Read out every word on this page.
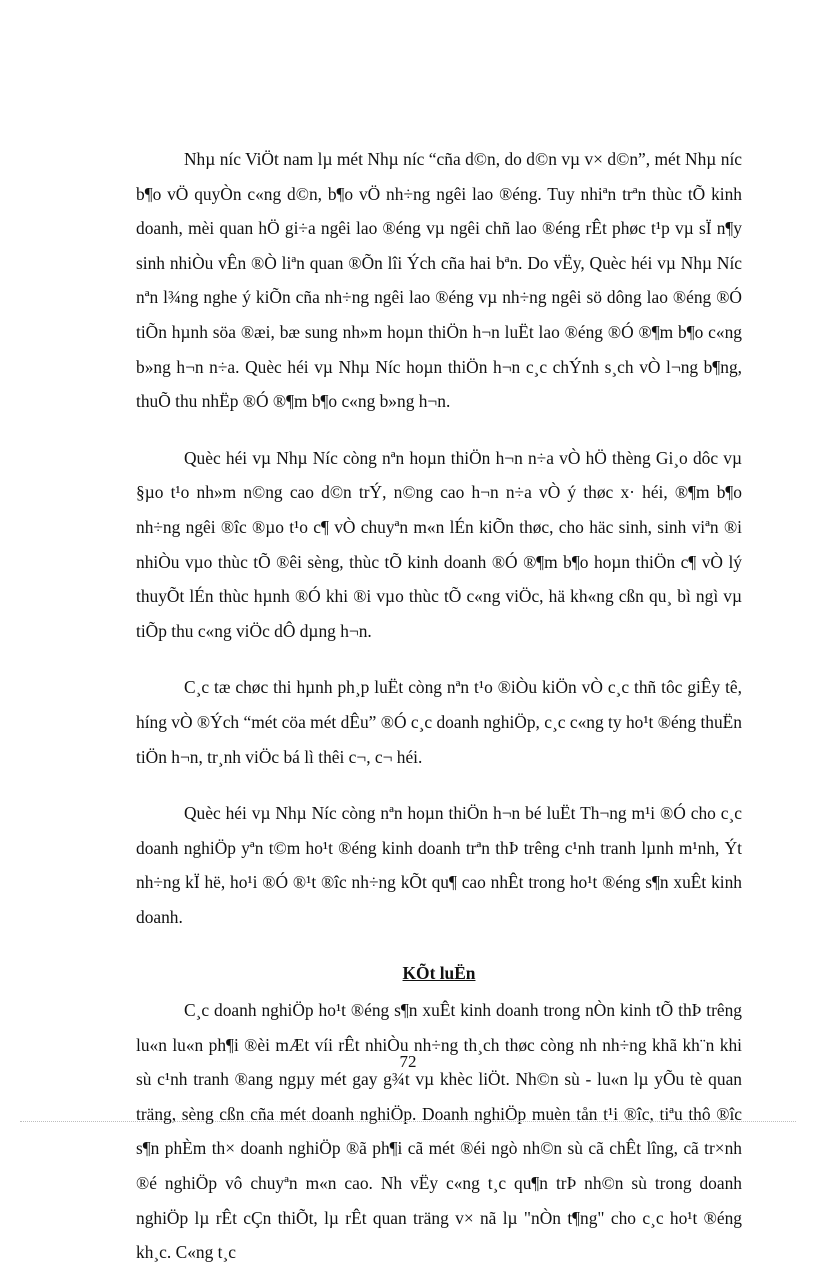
Nhµ níc ViÖt nam lµ mét Nhµ níc “cña d©n, do d©n vµ v× d©n”, mét Nhµ níc b¶o vÖ quyÒn c«ng d©n, b¶o vÖ nh÷ng ngêi lao ®éng. Tuy nhiªn trªn thùc tÕ kinh doanh, mèi quan hÖ gi÷a ngêi lao ®éng vµ ngêi chñ lao ®éng rÊt phøc t¹p vµ sÏ n¶y sinh nhiÒu vÊn ®Ò liªn quan ®Õn lîi Ých cña hai bªn. Do vËy, Quèc héi vµ Nhµ Níc nªn l¾ng nghe ý kiÕn cña nh÷ng ngêi lao ®éng vµ nh÷ng ngêi sö dông lao ®éng ®Ó tiÕn hµnh söa ®æi, bæ sung nh»m hoµn thiÖn h¬n luËt lao ®éng ®Ó ®¶m b¶o c«ng b»ng h¬n n÷a. Quèc héi vµ Nhµ Níc hoµn thiÖn h¬n c¸c chÝnh s¸ch vÒ l¬ng b¶ng, thuÕ thu nhËp ®Ó ®¶m b¶o c«ng b»ng h¬n.

Quèc héi vµ Nhµ Níc còng nªn hoµn thiÖn h¬n n÷a vÒ hÖ thèng Gi¸o dôc vµ §µo t¹o nh»m n©ng cao d©n trÝ, n©ng cao h¬n n÷a vÒ ý thøc x· héi, ®¶m b¶o nh÷ng ngêi ®îc ®µo t¹o c¶ vÒ chuyªn m«n lÉn kiÕn thøc, cho häc sinh, sinh viªn ®i nhiÒu vµo thùc tÕ ®êi sèng, thùc tÕ kinh doanh ®Ó ®¶m b¶o hoµn thiÖn c¶ vÒ lý thuyÕt lÉn thùc hµnh ®Ó khi ®i vµo thùc tÕ c«ng viÖc, hä kh«ng cßn qu¸ bì ngì vµ tiÕp thu c«ng viÖc dÔ dµng h¬n.

C¸c tæ chøc thi hµnh ph¸p luËt còng nªn t¹o ®iÒu kiÖn vÒ c¸c thñ tôc giÊy tê, híng vÒ ®Ých “mét cöa mét dÊu” ®Ó c¸c doanh nghiÖp, c¸c c«ng ty ho¹t ®éng thuËn tiÖn h¬n, tr¸nh viÖc bá lì thêi c¬, c¬ héi.

Quèc héi vµ Nhµ Níc còng nªn hoµn thiÖn h¬n bé luËt Th¬ng m¹i ®Ó cho c¸c doanh nghiÖp yªn t©m ho¹t ®éng kinh doanh trªn thÞ trêng c¹nh tranh lµnh m¹nh, Ýt nh÷ng kÏ hë, ho¹i ®Ó ®¹t ®îc nh÷ng kÕt qu¶ cao nhÊt trong ho¹t ®éng s¶n xuÊt kinh doanh.

KÕt luËn

C¸c doanh nghiÖp ho¹t ®éng s¶n xuÊt kinh doanh trong nÒn kinh tÕ thÞ trêng lu«n lu«n ph¶i ®èi mÆt víi rÊt nhiÒu nh÷ng th¸ch thøc còng nh nh÷ng khã kh¨n khi sù c¹nh tranh ®ang ngµy mét gay g¾t vµ khèc liÖt. Nh©n sù - lu«n lµ yÕu tè quan träng, sèng cßn cña mét doanh nghiÖp. Doanh nghiÖp muèn tån t¹i ®îc, tiªu thô ®îc s¶n phÈm th× doanh nghiÖp ®ã ph¶i cã mét ®éi ngò nh©n sù cã chÊt lîng, cã tr×nh ®é nghiÖp vô chuyªn m«n cao. Nh vËy c«ng t¸c qu¶n trÞ nh©n sù trong doanh nghiÖp lµ rÊt cÇn thiÕt, lµ rÊt quan träng v× nã lµ "nÒn t¶ng" cho c¸c ho¹t ®éng kh¸c. C«ng t¸c

72
